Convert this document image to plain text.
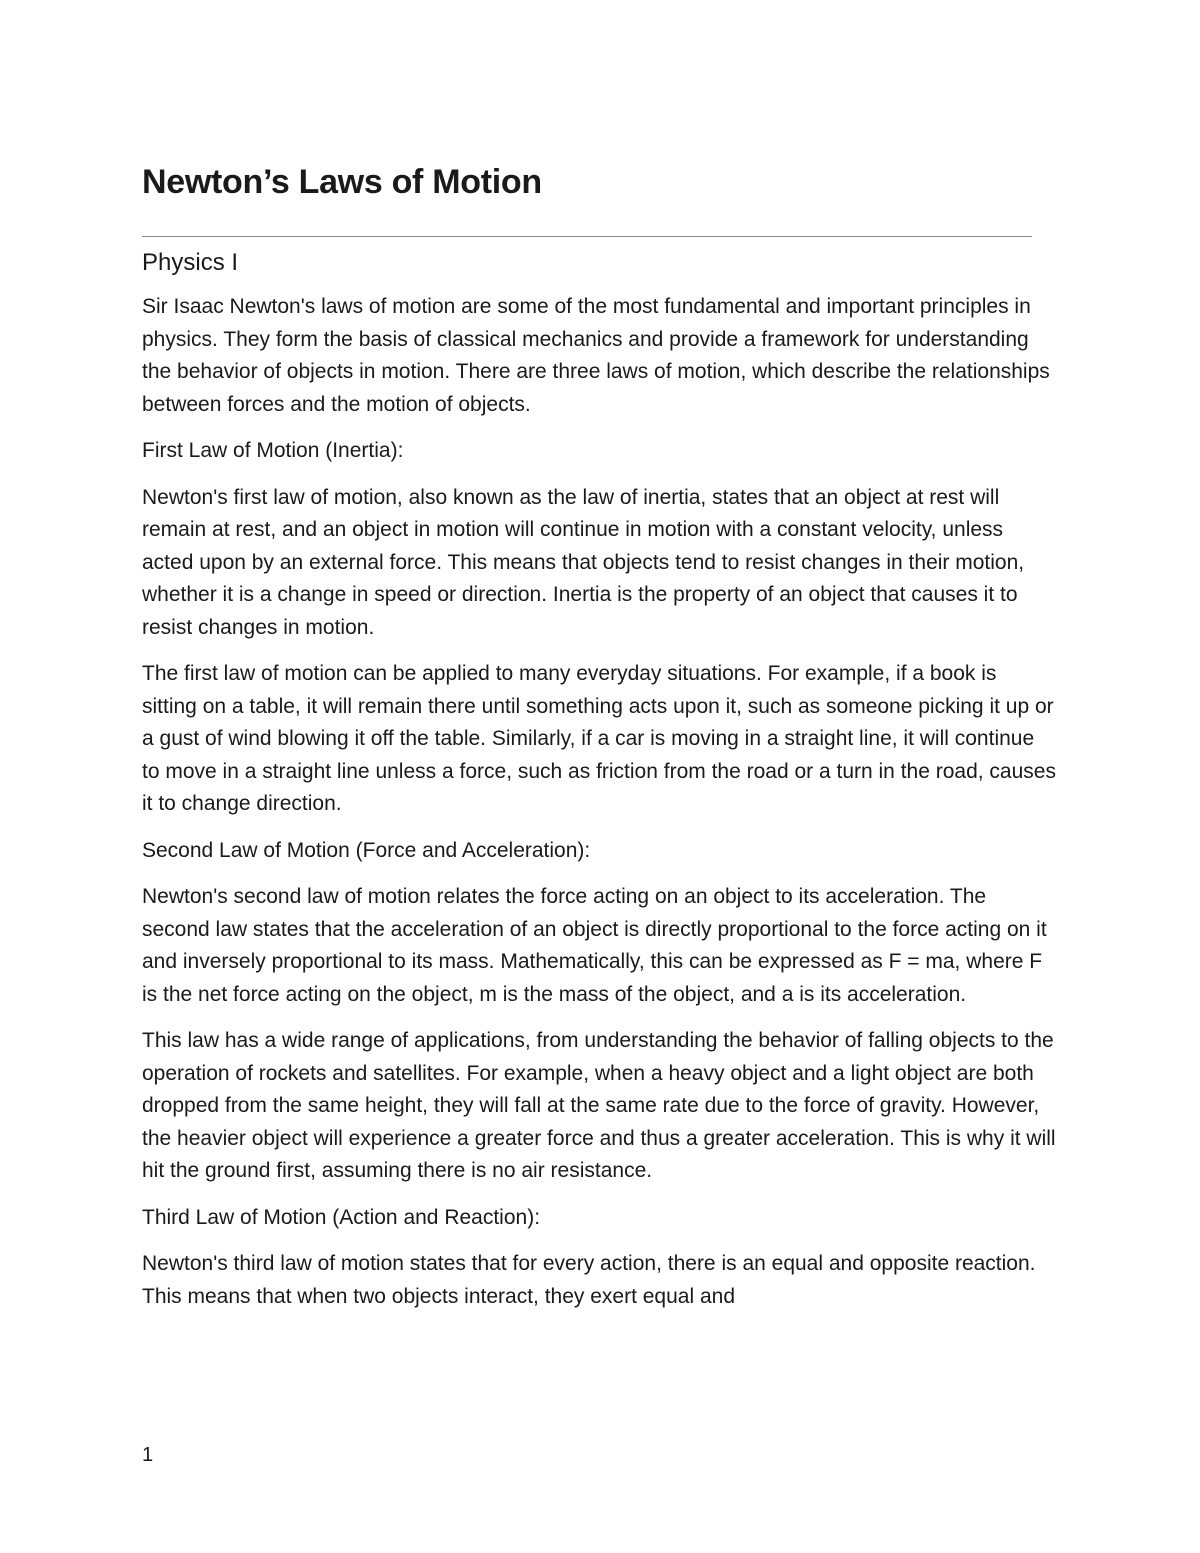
Newton’s Laws of Motion
Physics I

Sir Isaac Newton's laws of motion are some of the most fundamental and important principles in physics. They form the basis of classical mechanics and provide a framework for understanding the behavior of objects in motion. There are three laws of motion, which describe the relationships between forces and the motion of objects.

First Law of Motion (Inertia):

Newton's first law of motion, also known as the law of inertia, states that an object at rest will remain at rest, and an object in motion will continue in motion with a constant velocity, unless acted upon by an external force. This means that objects tend to resist changes in their motion, whether it is a change in speed or direction. Inertia is the property of an object that causes it to resist changes in motion.

The first law of motion can be applied to many everyday situations. For example, if a book is sitting on a table, it will remain there until something acts upon it, such as someone picking it up or a gust of wind blowing it off the table. Similarly, if a car is moving in a straight line, it will continue to move in a straight line unless a force, such as friction from the road or a turn in the road, causes it to change direction.

Second Law of Motion (Force and Acceleration):

Newton's second law of motion relates the force acting on an object to its acceleration. The second law states that the acceleration of an object is directly proportional to the force acting on it and inversely proportional to its mass. Mathematically, this can be expressed as F = ma, where F is the net force acting on the object, m is the mass of the object, and a is its acceleration.

This law has a wide range of applications, from understanding the behavior of falling objects to the operation of rockets and satellites. For example, when a heavy object and a light object are both dropped from the same height, they will fall at the same rate due to the force of gravity. However, the heavier object will experience a greater force and thus a greater acceleration. This is why it will hit the ground first, assuming there is no air resistance.

Third Law of Motion (Action and Reaction):

Newton's third law of motion states that for every action, there is an equal and opposite reaction. This means that when two objects interact, they exert equal and

1
